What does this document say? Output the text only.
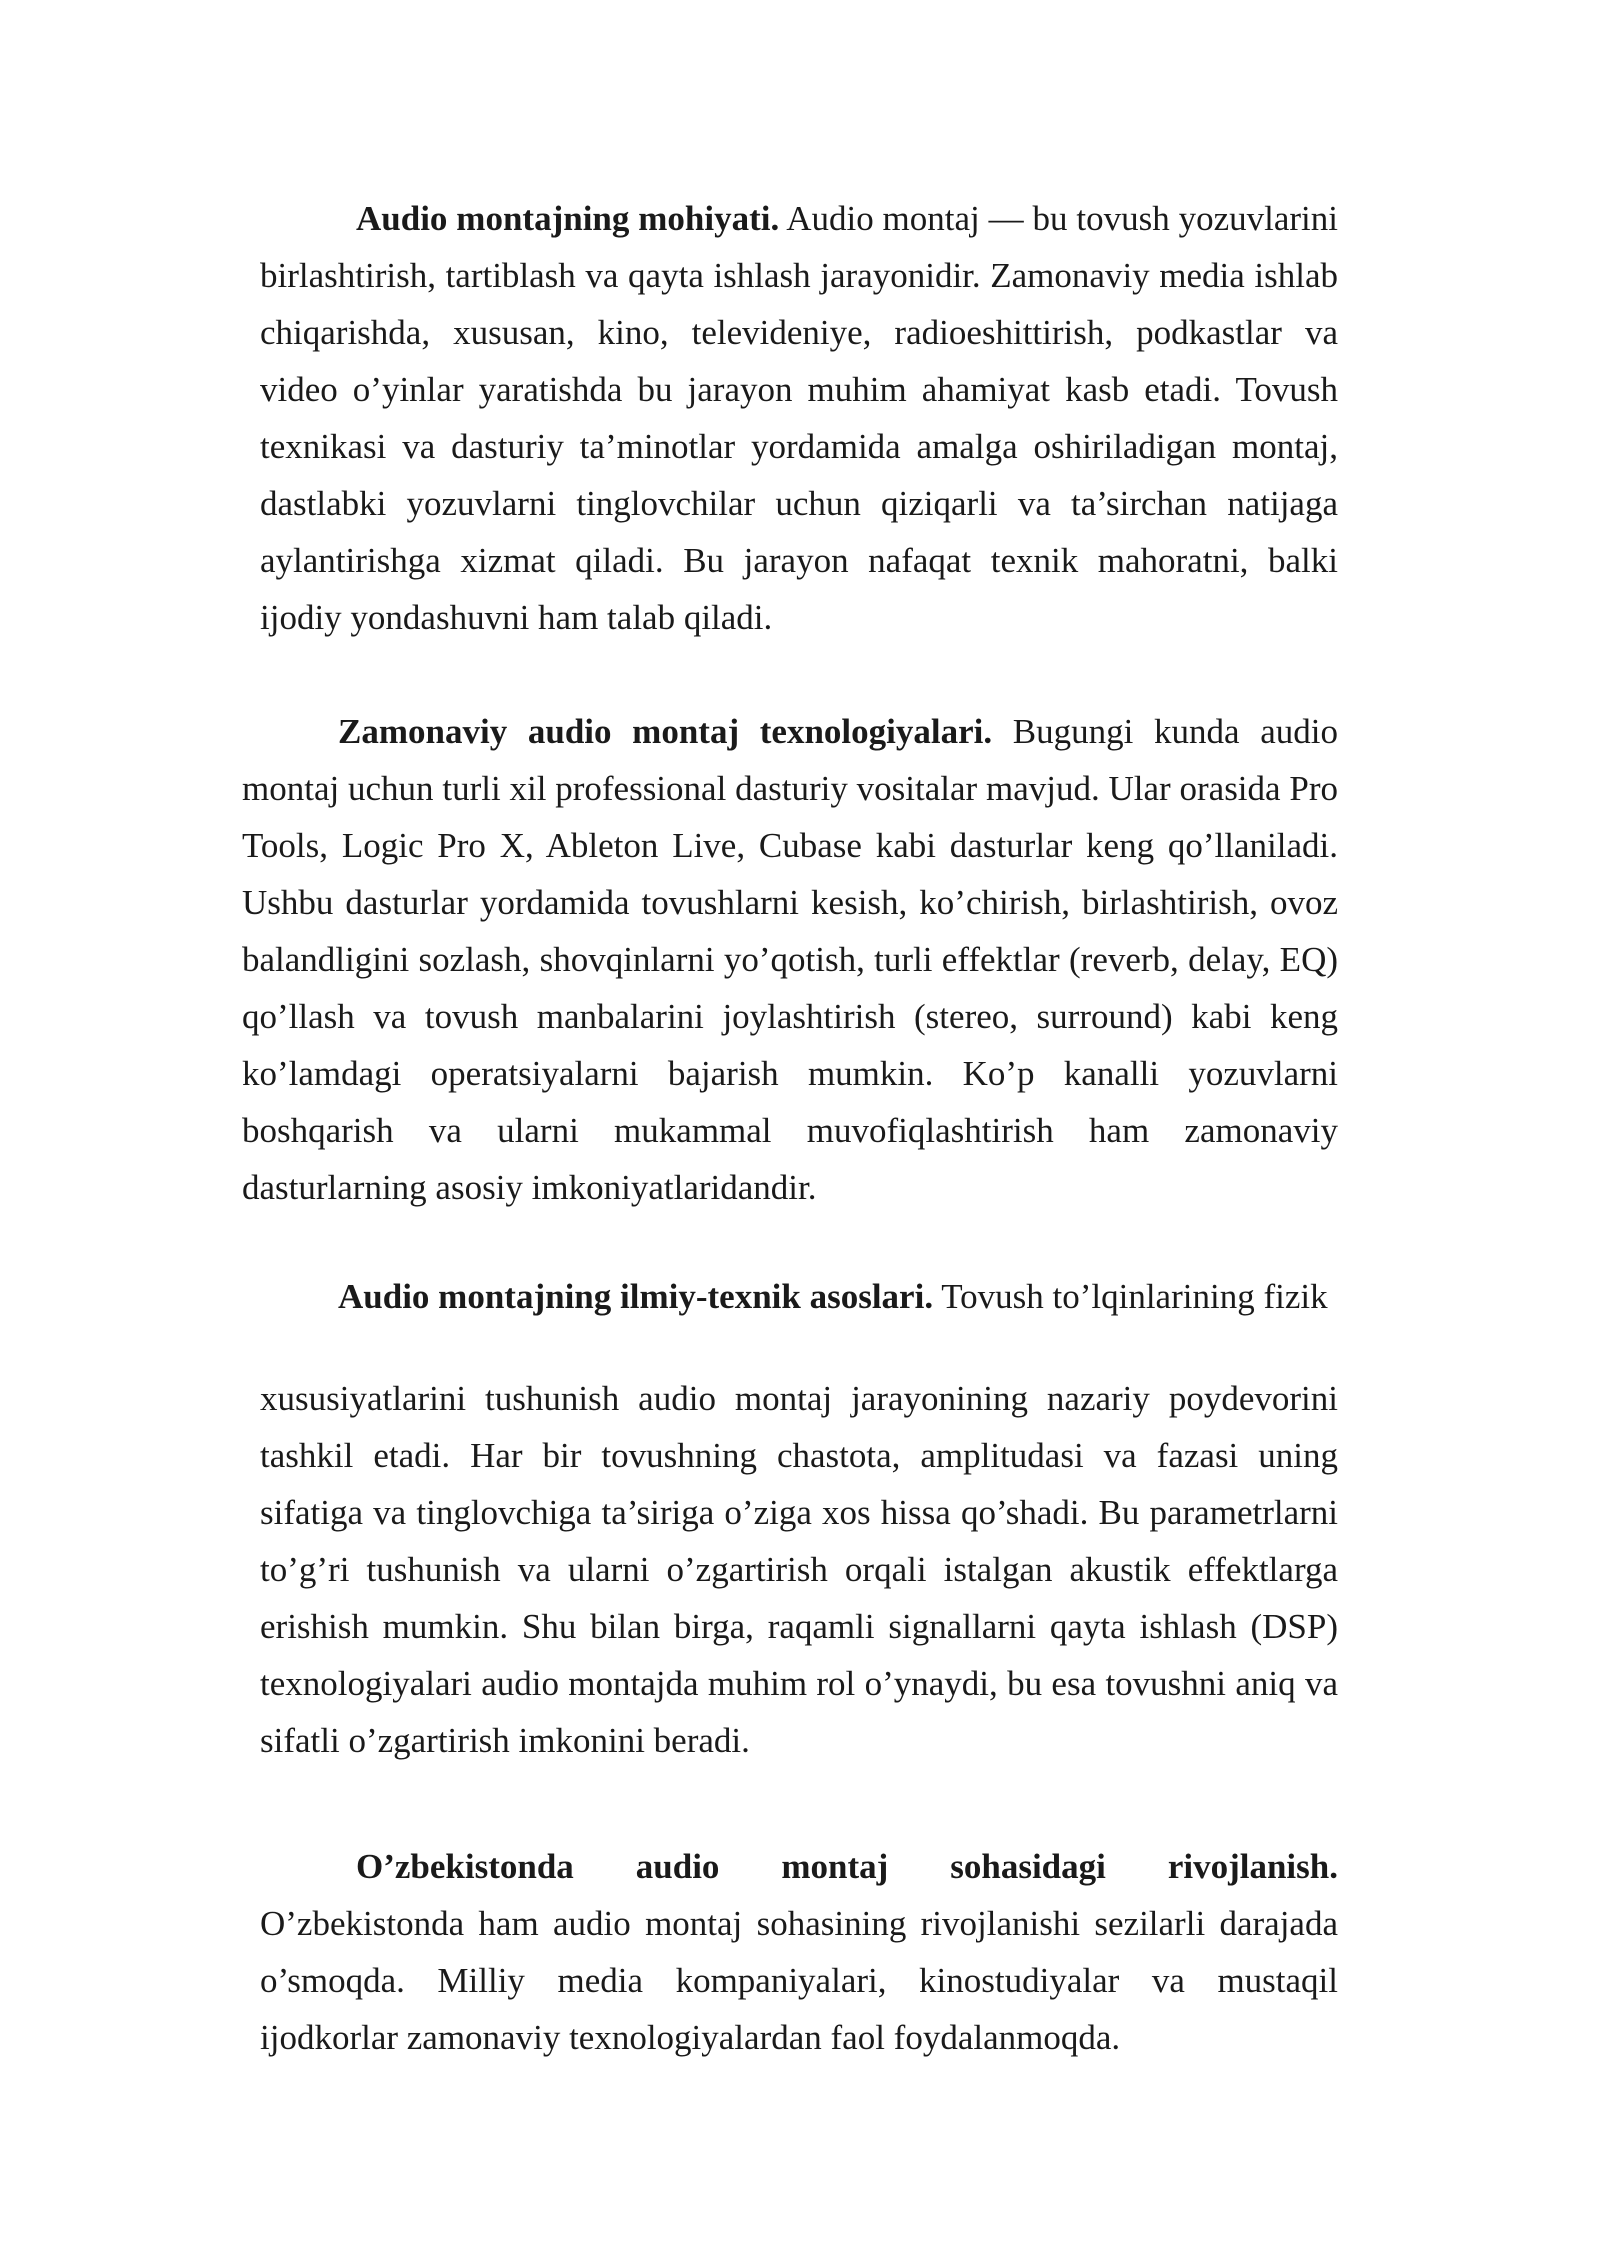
Audio montajning mohiyati. Audio montaj — bu tovush yozuvlarini birlashtirish, tartiblash va qayta ishlash jarayonidir. Zamonaviy media ishlab chiqarishda, xususan, kino, televideniye, radioeshittirish, podkastlar va video o’yinlar yaratishda bu jarayon muhim ahamiyat kasb etadi. Tovush texnikasi va dasturiy ta’minotlar yordamida amalga oshiriladigan montaj, dastlabki yozuvlarni tinglovchilar uchun qiziqarli va ta’sirchan natijaga aylantirishga xizmat qiladi. Bu jarayon nafaqat texnik mahoratni, balki ijodiy yondashuvni ham talab qiladi.

Zamonaviy audio montaj texnologiyalari. Bugungi kunda audio montaj uchun turli xil professional dasturiy vositalar mavjud. Ular orasida Pro Tools, Logic Pro X, Ableton Live, Cubase kabi dasturlar keng qo’llaniladi. Ushbu dasturlar yordamida tovushlarni kesish, ko’chirish, birlashtirish, ovoz balandligini sozlash, shovqinlarni yo’qotish, turli effektlar (reverb, delay, EQ) qo’llash va tovush manbalarini joylashtirish (stereo, surround) kabi keng ko’lamdagi operatsiyalarni bajarish mumkin. Ko’p kanalli yozuvlarni boshqarish va ularni mukammal muvofiqlashtirish ham zamonaviy dasturlarning asosiy imkoniyatlaridandir.

Audio montajning ilmiy-texnik asoslari. Tovush to’lqinlarining fizik

xususiyatlarini tushunish audio montaj jarayonining nazariy poydevorini tashkil etadi. Har bir tovushning chastota, amplitudasi va fazasi uning sifatiga va tinglovchiga ta’siriga o’ziga xos hissa qo’shadi. Bu parametrlarni to’g’ri tushunish va ularni o’zgartirish orqali istalgan akustik effektlarga erishish mumkin. Shu bilan birga, raqamli signallarni qayta ishlash (DSP) texnologiyalari audio montajda muhim rol o’ynaydi, bu esa tovushni aniq va sifatli o’zgartirish imkonini beradi.

O’zbekistonda audio montaj sohasidagi rivojlanish. O’zbekistonda ham audio montaj sohasining rivojlanishi sezilarli darajada o’smoqda. Milliy media kompaniyalari, kinostudiyalar va mustaqil ijodkorlar zamonaviy texnologiyalardan faol foydalanmoqda.
